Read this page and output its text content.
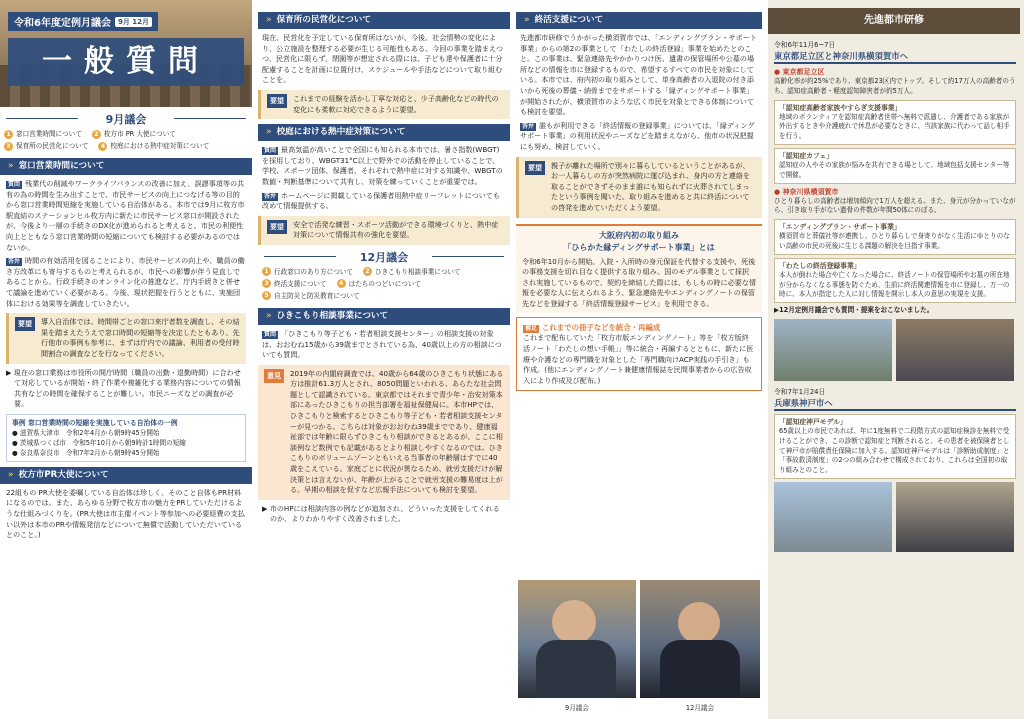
令和6年度定例月議会	9月 12月
一般質問
9月議会
1 窓口営業時間について	2 枚方市 PR 大使について
3 保育所の民営化について	4 校庭における熱中症対策について
» 窓口営業時間について

質問 残業代の削減やワークライフバランスの改善に加え、誤謬事項等の共有の為の時間を生み出すことで、市民サービスの向上につなげる等の目的から窓口営業時間短縮を実施している自治体がある。本市では9月に枚方市駅直結のステーションヒル枚方内に新たに市民サービス窓口が開設されたが、今後より一層の手続きのDX化が進められると考えると、市民の利便性向上とともなう窓口営業時間の短縮についても検討する必要があるのではないか。

答弁 時間の有効活用を図ることにより、市民サービスの向上や、職員の働き方改革にも寄与するものと考えられるが、市民への影響が伴う見直しであることから、行政手続きのオンライン化の推進など、庁内手続きと併せて議論を進めていく必要がある。今後、現状把握を行うとともに、実施団体における効果等を調査していきたい。

要望	導入自治体では、時間帯ごとの窓口来庁者数を調査し、その結果を踏まえたうえで窓口時間の短縮等を決定したともあり、先行他市の事例も参考に、まずは庁内での議論、利用者の受付時間割合の調査などを行なってください。

▶ 現在の窓口業務は市役所の開庁時間（職員の出勤・退勤時間）に合わせて対応しているが開始・終了作業や複雑化する業務内容についての情報共有などの時間を確保することが難しい。市民ニーズなどの調査が必要。

事例 窓口営業時間の短縮を実施している自治体の一例
● 滋賀県大津市　令和2年4月から朝9時45分開始
● 茨城県つくば市　令和5年10月から朝9時計1時間の短縮
● 奈良県奈良市　令和7年2月から朝9時45分開始
» 枚方市PR大使について

22組もの PR大使を委嘱している自治体は珍しく、そのこと自体もPR材料になるのでは。また、あらゆる分野で枚方市の魅力をPRしていただけるような仕組みづくりを。(PR大使は市主催イベント等参加への必要経費の支払い以外は本市のPRや情報発信などについて無償で活動していただいているとのこと。)

» 保育所の民営化について

現在、民営化を予定している保育所はないが、今後、社会情勢の変化により、公立施設を整理する必要が生じる可能性もある。今回の事業を踏まえつつ、民営化に限らず、閉園等が想定される際には、子ども達や保護者に十分配慮することを計画に位置付け、スケジュールや手法などについて取り組むことを。

要望	これまでの経験を活かし丁寧な対応と、少子高齢化などの時代の変化にも柔軟に対応できるように要望。

» 校庭における熱中症対策について

質問 最高気温が高いことで全国にも知られる本市では、暑さ指数(WBGT)を採用しており、WBGT31°C以上で野外での活動を停止していることで、学校、スポーツ団体、保護者、それぞれで熱中症に対する知識や、WBGTの数値・判断基準について共有し、対策を練っていくことが重要では。

答弁 ホームページに掲載している保護者用熱中症リーフレットについても改めて情報提供する。

要望	安全で活発な練習・スポーツ活動ができる環境づくりと、熱中症対策について情報共有の強化を要望。

12月議会
1 行政窓口のあり方について	2 ひきこもり相談事業について
3 終活支援について	4 はたちのつどいについて
5 自主防災と防災教育について
» ひきこもり相談事業について

質問 「ひきこもり等子ども・若者相談支援センター」の相談支援の対象は、おおむね15歳から39歳までとされている為、40歳以上の方の相談についても質問。

意見	2019年の内閣府調査では、40歳から64歳のひきこもり状態にある方は推計61.3万人とされ、8050問題といわれる、あらたな社会問題として認識されている。東京都ではそれまで青少年・治安対策本部にあったひきこもりの担当部署を福祉保健局に。本市HPでは、ひきこもりと検索するとひきこもり等子ども・若者相談支援センターが見つかる。こちらは対象がおおむね39歳までであり、健康福祉部では年齢に限らずひきこもり相談ができるとあるが、ここに相談例など数例でも記載があるとより相談しやすくなるのでは。ひきこもりのボリュームゾーンともいえる当事者の年齢層はすでに40歳をこえている。家庭ごとに状況が異なるため、就労支援だけが解決策とは言えないが、年齢が上がることで就労支援の難易度は上がる。早期の相談を促すなど広報手法についても検討を要望。

▶ 市のHPには相談内容の例などが追加され、どういった支援をしてくれるのか、よりわかりやすく改善されました。

» 終活支援について

先進都市研修でうかがった横須賀市では、「エンディングプラン・サポート事業」からの第2の事業として「わたしの終活登録」事業を始めたとのこと。この事業は、緊急連絡先やかかりつけ医、遺書の保管場所や公墓の場所などの情報を市に登録するもので、希望するすべての市民を対象にしている。本市では、府内初の取り組みとして、単身高齢者の入退院の付き添いから死後の葬儀・納骨までをサポートする「縁ディングサポート事業」が開始されたが、横須賀市のような広く市民を対象とできる体制についても検討を要望。

答弁 誰もが利用できる「終活情報の登録事業」については、「縁ディングサポート事業」の利用状況やニーズなどを踏まえながら、他市の状況把握にも努め、検討していく。

要望	親子が離れた場所で別々に暮らしているということがあるが、お一人暮らしの方が突然病院に運び込まれ、身内の方と連絡を取ることができずそのまま誰にも知られずに火葬されてしまったという事例を聞いた。取り組みを進めると共に終活についての啓発を進めていただくよう要望。

大阪府内初の取り組み
「ひらかた縁ディングサポート事業」とは

令和6年10月から開始。入院・入所時の身元保証を代替する支援や、死後の事務支援を切れ目なく提供する取り組み。国のモデル事業として採択され実施しているもので、契約を締結した際には、もしもの時に必要な情報を必要な人に伝えられるよう、緊急連絡先やエンディングノートの保管先などを登録する「終活情報登録サービス」を利用できる。

補足 これまでの冊子などを統合・再編成

これまで配布していた「枚方市版エンディングノート」等を「枚方版終活ノート「わたしの想い手帳」」等に統合・再編するとともに、新たに医療や介護などの専門職を対象とした「専門職向けACP実践の手引き」も作成。(他にエンディングノート兼健康情報誌を民間事業者からの広告収入により作成及び配布。)

9月議会	12月議会
先進都市研修
令和6年11月6~7日
東京都足立区と神奈川県横須賀市へ
● 東京都足立区

高齢化率が約25%であり、東京都23区内でトップ。そして約17万人の高齢者のうち、認知症高齢者・軽度認知障害者が約5万人。

「認知症高齢者家族やすらぎ支援事業」

地域のボランティアを認知症高齢者世帯へ無料で派遣し、介護者である家族が外出するときや介護疲れで休息が必要なときに、当該家族に代わって話し相手を行う。

「認知症カフェ」

認知症の人やその家族が悩みを共有できる場として、地域包括支援センター等で開催。

● 神奈川県横須賀市

ひとり暮らしの高齢者は増加傾向で1万人を超える。また、身元が分かっていながら、引き取り手がない遺骨の件数が年間50体にのぼる。

「エンディングプラン・サポート事業」

横須賀市と葬儀社等が連携し、ひとり暮らしで身寄りがなく生活にゆとりのない高齢の市民の死後に生じる課題の解決を目指す事業。

「わたしの終活登録事業」

本人が倒れた場合や亡くなった場合に、終活ノートの保管場所やお墓の所在地が分からなくなる事態を防ぐため、生前に終活関連情報を市に登録し、万一の時に、本人が指定した人に対し情報を開示し本人の意思の実現を支援。

▶12月定例月議会でも質問・提案をおこないました。

令和7年1月24日
兵庫県神戸市へ
「認知症神戸モデル」

65歳以上の市民であれば、年に1度無料で二段階方式の認知症検診を無料で受けることができ、この診断で認知症と判断されると、その患者を被保険者として神戸市が賠償責任保険に加入する。認知症神戸モデルは「診断助成制度」と「事故救済制度」の2つの組み合わせで構成されており、これらは全国初の取り組みとのこと。
